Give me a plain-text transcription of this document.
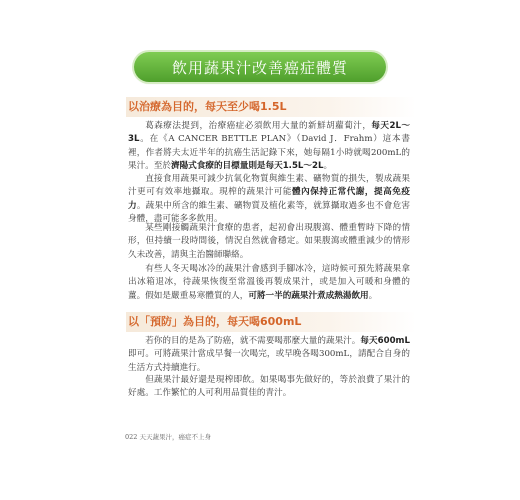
飲用蔬果汁改善癌症體質
以治療為目的，每天至少喝1.5L

葛森療法提到，治療癌症必須飲用大量的新鮮胡蘿蔔汁，每天2L～3L。在《A CANCER BETTLE PLAN》（David J．Frahm）這本書裡，作者將夫太近半年的抗癌生活記錄下來，她每隔1小時就喝200mL的果汁。至於濟陽式食療的目標量則是每天1.5L～2L。

直接食用蔬果可減少抗氧化物質與維生素、礦物質的損失，製成蔬果汁更可有效率地攝取。現榨的蔬果汁可能體內保持正常代謝，提高免疫力。蔬果中所含的維生素、礦物質及植化素等，就算攝取過多也不會危害身體，盡可能多多飲用。

某些剛接觸蔬果汁食療的患者，起初會出現腹瀉、體重暫時下降的情形，但持續一段時間後，情況自然就會穩定。如果腹瀉或體重減少的情形久未改善，請與主治醫師聯絡。

有些人冬天喝冰冷的蔬果汁會感到手腳冰冷，這時候可預先將蔬果拿出冰箱退冰，待蔬果恢復至常溫後再製成果汁，或是加入可暖和身體的薑。假如是嚴重易寒體質的人，可將一半的蔬果汁煮成熱湯飲用。

以「預防」為目的，每天喝600mL

若你的目的是為了防癌，就不需要喝那麼大量的蔬果汁。每天600mL即可。可將蔬果汁當成早餐一次喝完，或早晚各喝300mL，請配合自身的生活方式持續進行。

但蔬果汁最好還是現榨即飲。如果喝事先做好的，等於浪費了果汁的好處。工作繁忙的人可利用品質佳的青汁。

022 天天蔬果汁，癌症不上身
